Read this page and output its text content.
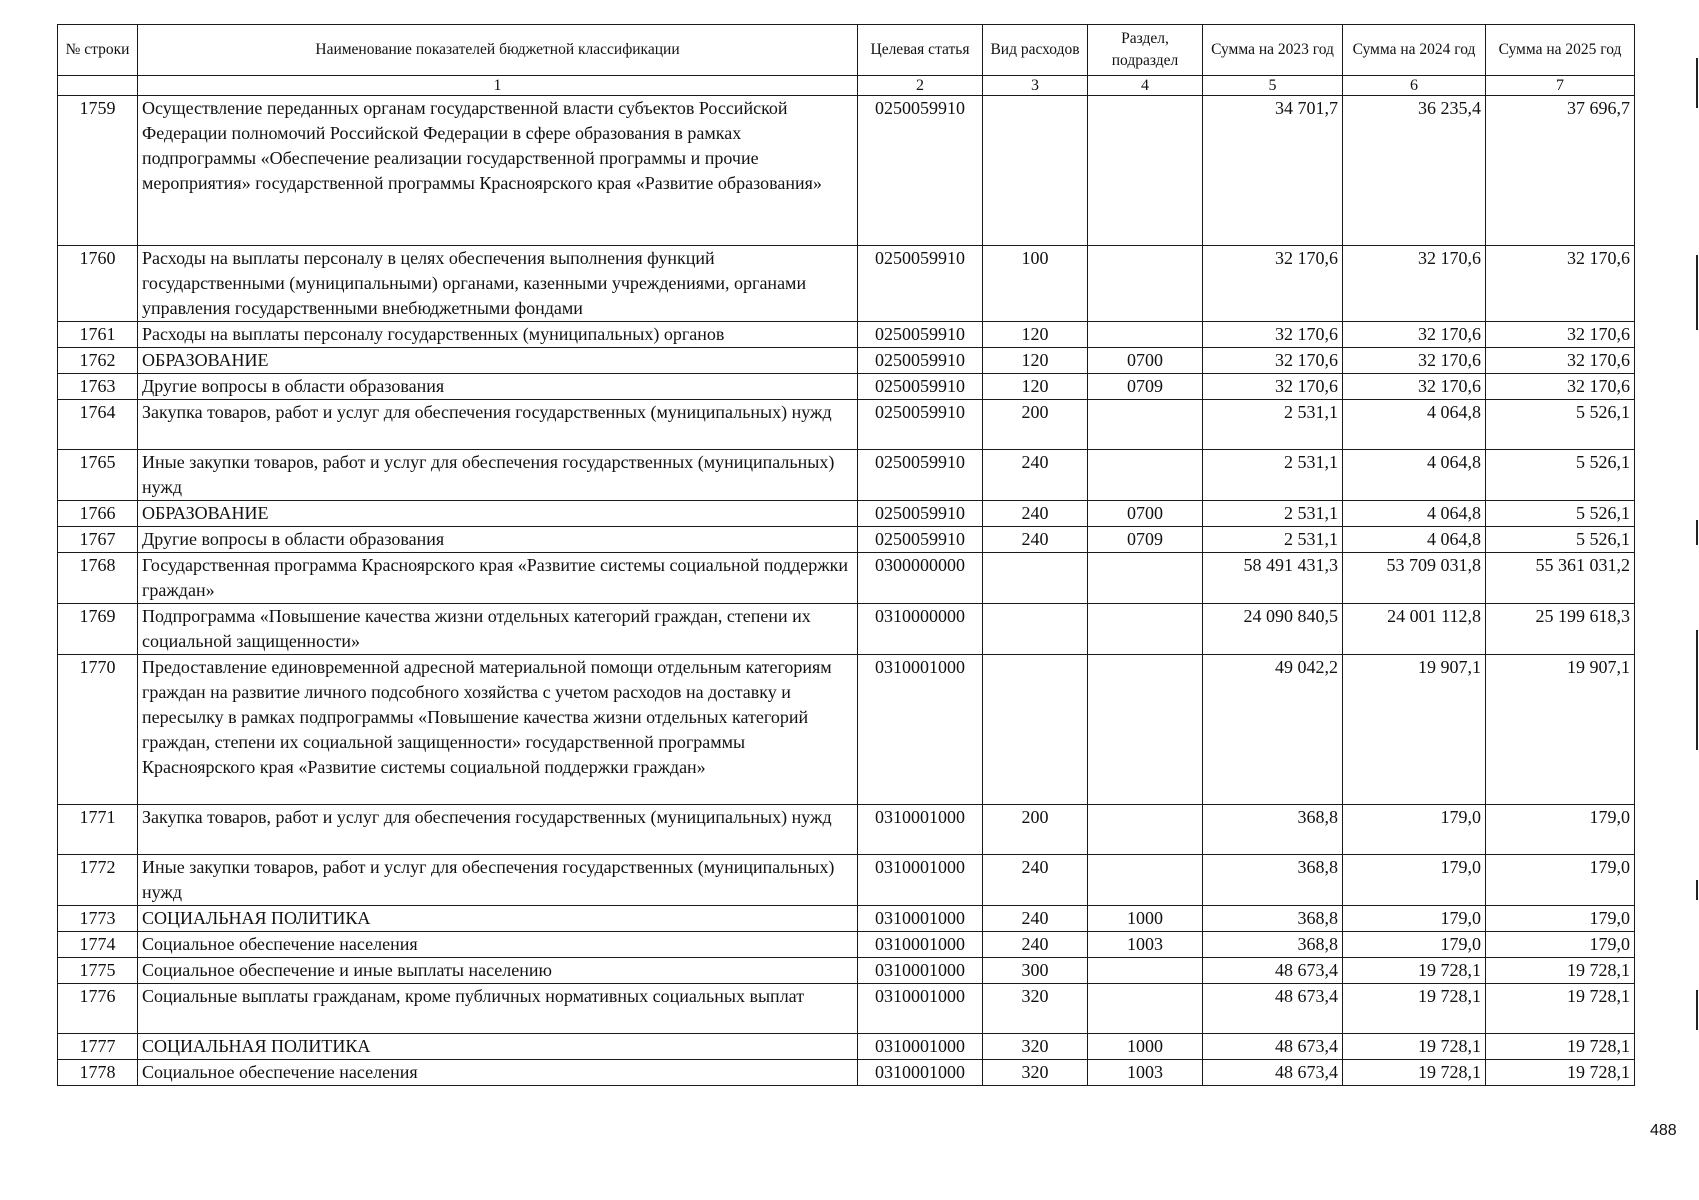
№ строки	Наименование показателей бюджетной классификации	Целевая статья	Вид расходов	Раздел, подраздел	Сумма на 2023 год	Сумма на 2024 год	Сумма на 2025 год
	1	2	3	4	5	6	7
1759	Осуществление переданных органам государственной власти субъектов Российской Федерации полномочий Российской Федерации в сфере образования в рамках подпрограммы «Обеспечение реализации государственной программы и прочие мероприятия» государственной программы Красноярского края «Развитие образования»	0250059910			34 701,7	36 235,4	37 696,7
1760	Расходы на выплаты персоналу в целях обеспечения выполнения функций государственными (муниципальными) органами, казенными учреждениями, органами управления государственными внебюджетными фондами	0250059910	100		32 170,6	32 170,6	32 170,6
1761	Расходы на выплаты персоналу государственных (муниципальных) органов	0250059910	120		32 170,6	32 170,6	32 170,6
1762	ОБРАЗОВАНИЕ	0250059910	120	0700	32 170,6	32 170,6	32 170,6
1763	Другие вопросы в области образования	0250059910	120	0709	32 170,6	32 170,6	32 170,6
1764	Закупка товаров, работ и услуг для обеспечения государственных (муниципальных) нужд	0250059910	200		2 531,1	4 064,8	5 526,1
1765	Иные закупки товаров, работ и услуг для обеспечения государственных (муниципальных) нужд	0250059910	240		2 531,1	4 064,8	5 526,1
1766	ОБРАЗОВАНИЕ	0250059910	240	0700	2 531,1	4 064,8	5 526,1
1767	Другие вопросы в области образования	0250059910	240	0709	2 531,1	4 064,8	5 526,1
1768	Государственная программа Красноярского края «Развитие системы социальной поддержки граждан»	0300000000			58 491 431,3	53 709 031,8	55 361 031,2
1769	Подпрограмма «Повышение качества жизни отдельных категорий граждан, степени их социальной защищенности»	0310000000			24 090 840,5	24 001 112,8	25 199 618,3
1770	Предоставление единовременной адресной материальной помощи отдельным категориям граждан на развитие личного подсобного хозяйства с учетом расходов на доставку и пересылку в рамках подпрограммы «Повышение качества жизни отдельных категорий граждан, степени их социальной защищенности» государственной программы Красноярского края «Развитие системы социальной поддержки граждан»	0310001000			49 042,2	19 907,1	19 907,1
1771	Закупка товаров, работ и услуг для обеспечения государственных (муниципальных) нужд	0310001000	200		368,8	179,0	179,0
1772	Иные закупки товаров, работ и услуг для обеспечения государственных (муниципальных) нужд	0310001000	240		368,8	179,0	179,0
1773	СОЦИАЛЬНАЯ ПОЛИТИКА	0310001000	240	1000	368,8	179,0	179,0
1774	Социальное обеспечение населения	0310001000	240	1003	368,8	179,0	179,0
1775	Социальное обеспечение и иные выплаты населению	0310001000	300		48 673,4	19 728,1	19 728,1
1776	Социальные выплаты гражданам, кроме публичных нормативных социальных выплат	0310001000	320		48 673,4	19 728,1	19 728,1
1777	СОЦИАЛЬНАЯ ПОЛИТИКА	0310001000	320	1000	48 673,4	19 728,1	19 728,1
1778	Социальное обеспечение населения	0310001000	320	1003	48 673,4	19 728,1	19 728,1
488
